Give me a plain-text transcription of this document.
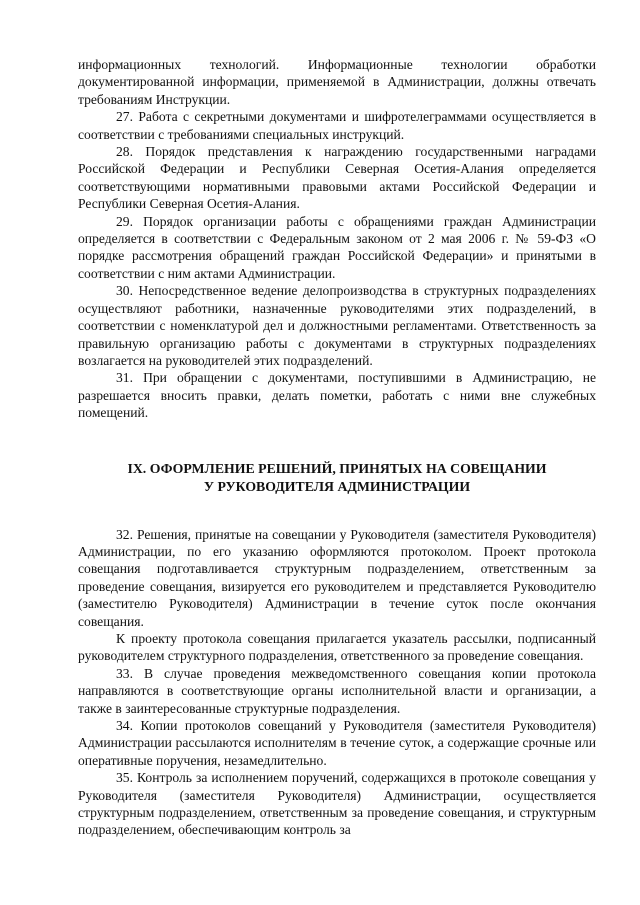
информационных технологий. Информационные технологии обработки документированной информации, применяемой в Администрации, должны отвечать требованиям Инструкции.

27. Работа с секретными документами и шифротелеграммами осуществляется в соответствии с требованиями специальных инструкций.

28. Порядок представления к награждению государственными наградами Российской Федерации и Республики Северная Осетия-Алания определяется соответствующими нормативными правовыми актами Российской Федерации и Республики Северная Осетия-Алания.

29. Порядок организации работы с обращениями граждан Администрации определяется в соответствии с Федеральным законом от 2 мая 2006 г. № 59-ФЗ «О порядке рассмотрения обращений граждан Российской Федерации» и принятыми в соответствии с ним актами Администрации.

30. Непосредственное ведение делопроизводства в структурных подразделениях осуществляют работники, назначенные руководителями этих подразделений, в соответствии с номенклатурой дел и должностными регламентами. Ответственность за правильную организацию работы с документами в структурных подразделениях возлагается на руководителей этих подразделений.

31. При обращении с документами, поступившими в Администрацию, не разрешается вносить правки, делать пометки, работать с ними вне служебных помещений.

IX. ОФОРМЛЕНИЕ РЕШЕНИЙ, ПРИНЯТЫХ НА СОВЕЩАНИИ
У РУКОВОДИТЕЛЯ АДМИНИСТРАЦИИ

32. Решения, принятые на совещании у Руководителя (заместителя Руководителя) Администрации, по его указанию оформляются протоколом. Проект протокола совещания подготавливается структурным подразделением, ответственным за проведение совещания, визируется его руководителем и представляется Руководителю (заместителю Руководителя) Администрации в течение суток после окончания совещания.

К проекту протокола совещания прилагается указатель рассылки, подписанный руководителем структурного подразделения, ответственного за проведение совещания.

33. В случае проведения межведомственного совещания копии протокола направляются в соответствующие органы исполнительной власти и организации, а также в заинтересованные структурные подразделения.

34. Копии протоколов совещаний у Руководителя (заместителя Руководителя) Администрации рассылаются исполнителям в течение суток, а содержащие срочные или оперативные поручения, незамедлительно.

35. Контроль за исполнением поручений, содержащихся в протоколе совещания у Руководителя (заместителя Руководителя) Администрации, осуществляется структурным подразделением, ответственным за проведение совещания, и структурным подразделением, обеспечивающим контроль за
